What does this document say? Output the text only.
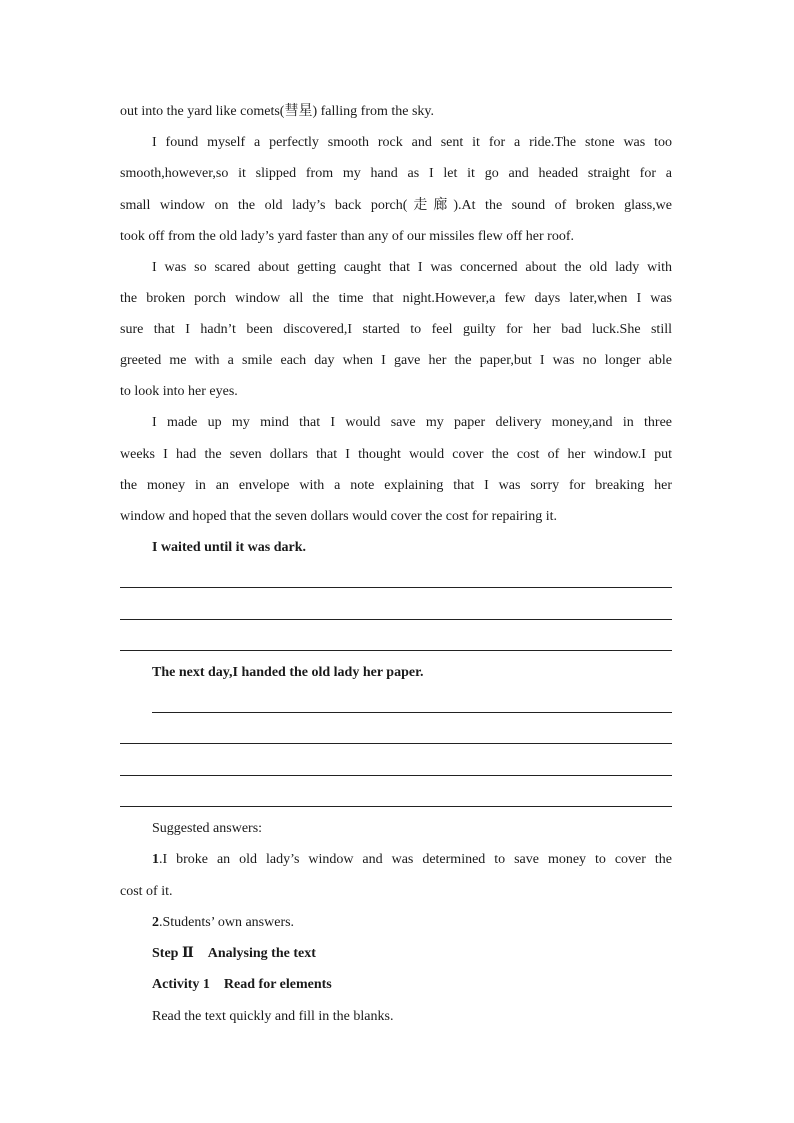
out into the yard like comets(彗星) falling from the sky.
I found myself a perfectly smooth rock and sent it for a ride.The stone was too
smooth,however,so it slipped from my hand as I let it go and headed straight for a
small window on the old lady’s back porch(走廊).At the sound of broken glass,we
took off from the old lady’s yard faster than any of our missiles flew off her roof.
I was so scared about getting caught that I was concerned about the old lady with
the broken porch window all the time that night.However,a few days later,when I was
sure that I hadn’t been discovered,I started to feel guilty for her bad luck.She still
greeted me with a smile each day when I gave her the paper,but I was no longer able
to look into her eyes.
I made up my mind that I would save my paper delivery money,and in three
weeks I had the seven dollars that I thought would cover the cost of her window.I put
the money in an envelope with a note explaining that I was sorry for breaking her
window and hoped that the seven dollars would cover the cost for repairing it.
I waited until it was dark.
The next day,I handed the old lady her paper.
Suggested answers:
1 .I broke an old lady’s window and was determined to save money to cover the
cost of it.
2.Students’ own answers.
Step Ⅱ Analysing the text
Activity 1 Read for elements
Read the text quickly and fill in the blanks.
